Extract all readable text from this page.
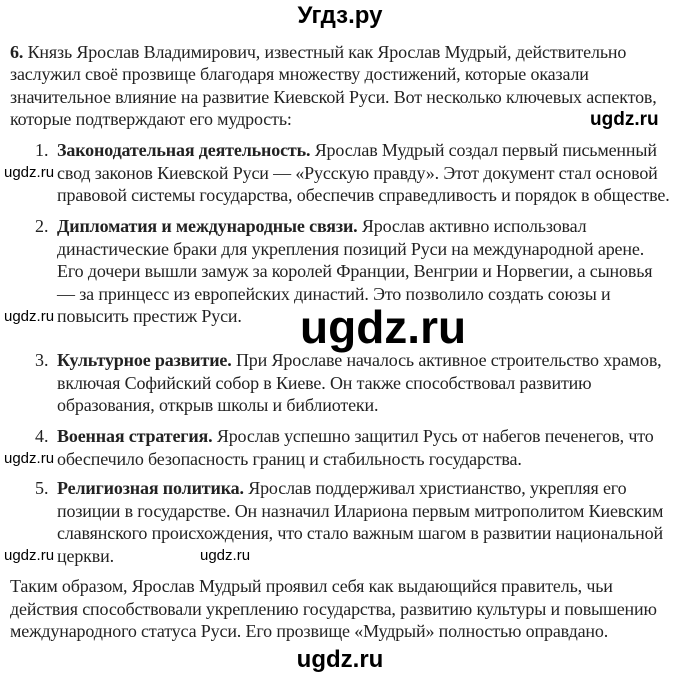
Угдз.ру
6. Князь Ярослав Владимирович, известный как Ярослав Мудрый, действительно
заслужил своё прозвище благодаря множеству достижений, которые оказали
значительное влияние на развитие Киевской Руси. Вот несколько ключевых аспектов,
которые подтверждают его мудрость:
1. Законодательная деятельность. Ярослав Мудрый создал первый письменный
свод законов Киевской Руси — «Русскую правду». Этот документ стал основой
правовой системы государства, обеспечив справедливость и порядок в обществе.
2. Дипломатия и международные связи. Ярослав активно использовал
династические браки для укрепления позиций Руси на международной арене.
Его дочери вышли замуж за королей Франции, Венгрии и Норвегии, а сыновья
— за принцесс из европейских династий. Это позволило создать союзы и
повысить престиж Руси.
3. Культурное развитие. При Ярославе началось активное строительство храмов,
включая Софийский собор в Киеве. Он также способствовал развитию
образования, открыв школы и библиотеки.
4. Военная стратегия. Ярослав успешно защитил Русь от набегов печенегов, что
обеспечило безопасность границ и стабильность государства.
5. Религиозная политика. Ярослав поддерживал христианство, укрепляя его
позиции в государстве. Он назначил Илариона первым митрополитом Киевским
славянского происхождения, что стало важным шагом в развитии национальной
церкви.
Таким образом, Ярослав Мудрый проявил себя как выдающийся правитель, чьи
действия способствовали укреплению государства, развитию культуры и повышению
международного статуса Руси. Его прозвище «Мудрый» полностью оправдано.
ugdz.ru
ugdz.ru
ugdz.ru
ugdz.ru
ugdz.ru
ugdz.ru	ugdz.ru
ugdz.ru
